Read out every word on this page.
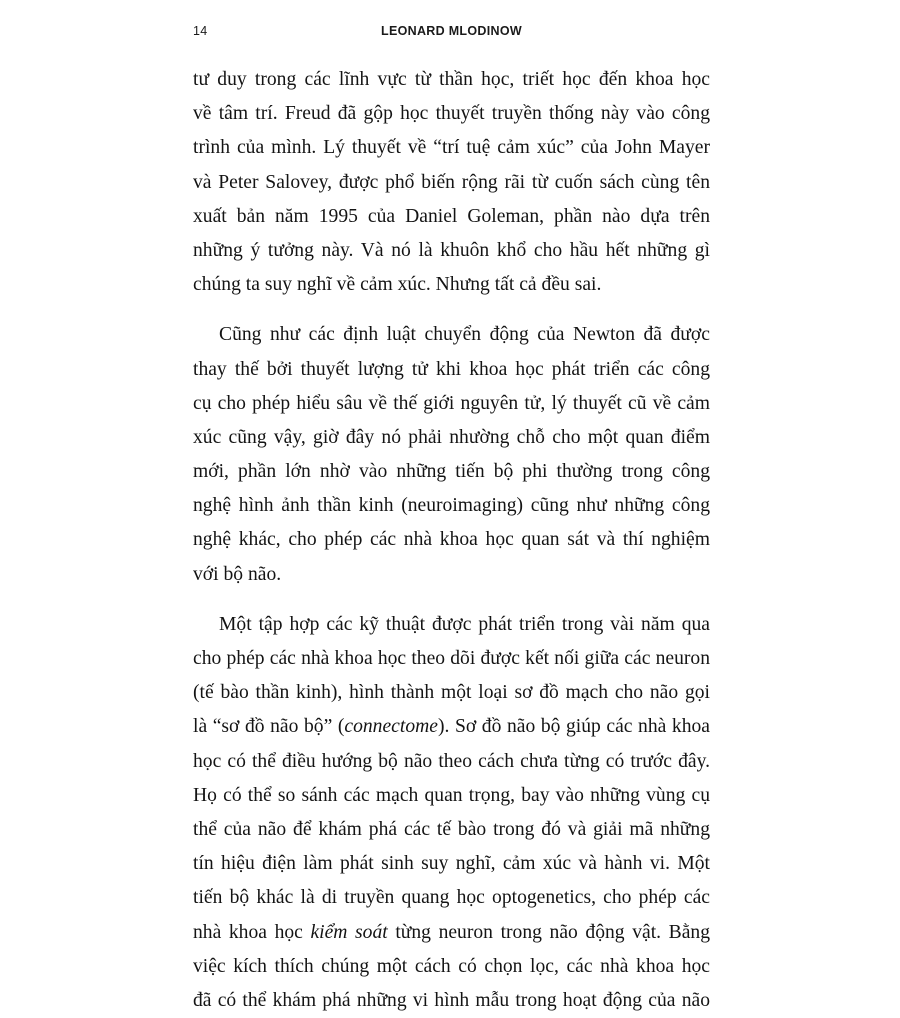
14	LEONARD MLODINOW
tư duy trong các lĩnh vực từ thần học, triết học đến khoa học
về tâm trí. Freud đã gộp học thuyết truyền thống này vào công
trình của mình. Lý thuyết về “trí tuệ cảm xúc” của John Mayer
và Peter Salovey, được phổ biến rộng rãi từ cuốn sách cùng tên
xuất bản năm 1995 của Daniel Goleman, phần nào dựa trên
những ý tưởng này. Và nó là khuôn khổ cho hầu hết những gì
chúng ta suy nghĩ về cảm xúc. Nhưng tất cả đều sai.
Cũng như các định luật chuyển động của Newton đã được
thay thế bởi thuyết lượng tử khi khoa học phát triển các công
cụ cho phép hiểu sâu về thế giới nguyên tử, lý thuyết cũ về cảm
xúc cũng vậy, giờ đây nó phải nhường chỗ cho một quan điểm
mới, phần lớn nhờ vào những tiến bộ phi thường trong công
nghệ hình ảnh thần kinh (neuroimaging) cũng như những công
nghệ khác, cho phép các nhà khoa học quan sát và thí nghiệm
với bộ não.
Một tập hợp các kỹ thuật được phát triển trong vài năm qua
cho phép các nhà khoa học theo dõi được kết nối giữa các neuron
(tế bào thần kinh), hình thành một loại sơ đồ mạch cho não gọi
là “sơ đồ não bộ” (connectome). Sơ đồ não bộ giúp các nhà khoa
học có thể điều hướng bộ não theo cách chưa từng có trước đây.
Họ có thể so sánh các mạch quan trọng, bay vào những vùng cụ
thể của não để khám phá các tế bào trong đó và giải mã những
tín hiệu điện làm phát sinh suy nghĩ, cảm xúc và hành vi. Một
tiến bộ khác là di truyền quang học optogenetics, cho phép các
nhà khoa học kiểm soát từng neuron trong não động vật. Bằng
việc kích thích chúng một cách có chọn lọc, các nhà khoa học
đã có thể khám phá những vi hình mẫu trong hoạt động của não
